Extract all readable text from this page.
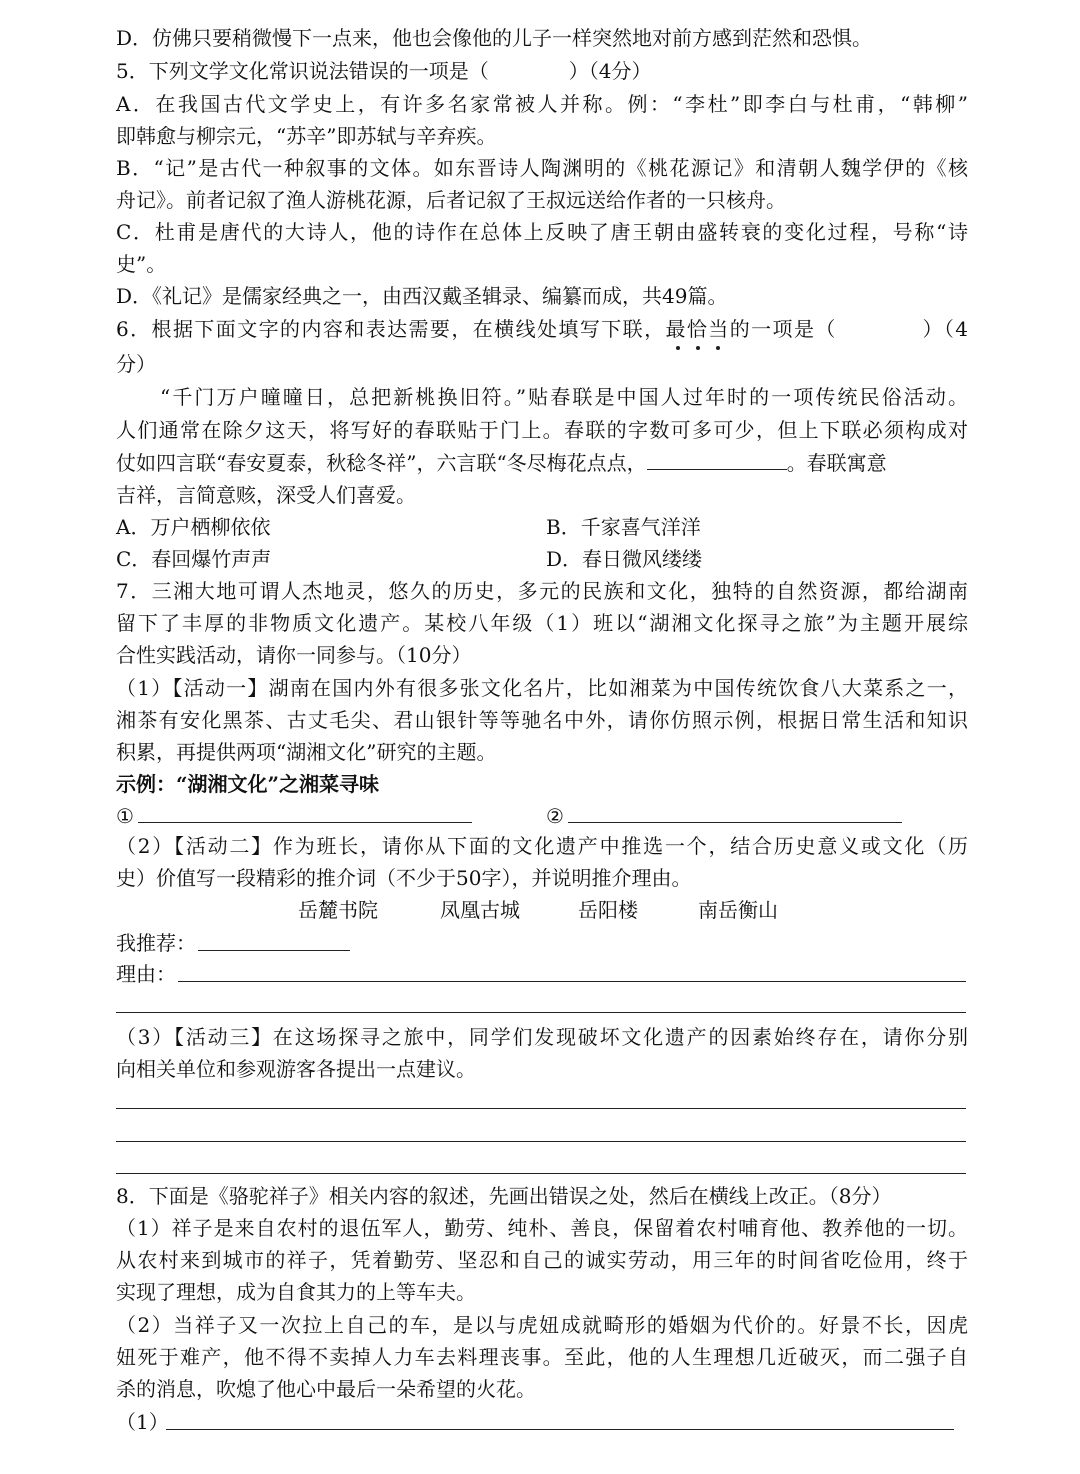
D．仿佛只要稍微慢下一点来，他也会像他的儿子一样突然地对前方感到茫然和恐惧。
5．下列文学文化常识说法错误的一项是（　　　　）（4分）
A．在我国古代文学史上，有许多名家常被人并称。例：“李杜”即李白与杜甫，“韩柳”
即韩愈与柳宗元，“苏辛”即苏轼与辛弃疾。
B．“记”是古代一种叙事的文体。如东晋诗人陶渊明的《桃花源记》和清朝人魏学伊的《核
舟记》。前者记叙了渔人游桃花源，后者记叙了王叔远送给作者的一只核舟。
C．杜甫是唐代的大诗人，他的诗作在总体上反映了唐王朝由盛转衰的变化过程，号称“诗
史”。
D．《礼记》是儒家经典之一，由西汉戴圣辑录、编纂而成，共49篇。
6．根据下面文字的内容和表达需要，在横线处填写下联，最恰当的一项是（　　　　）（4
分）
“千门万户曈曈日，总把新桃换旧符。”贴春联是中国人过年时的一项传统民俗活动。
人们通常在除夕这天，将写好的春联贴于门上。春联的字数可多可少，但上下联必须构成对
仗如四言联“春安夏泰，秋稔冬祥”，六言联“冬尽梅花点点，	。春联寓意
吉祥，言简意赅，深受人们喜爱。
A．万户栖柳依依	B．千家喜气洋洋
C．春回爆竹声声	D．春日微风缕缕
7．三湘大地可谓人杰地灵，悠久的历史，多元的民族和文化，独特的自然资源，都给湖南
留下了丰厚的非物质文化遗产。某校八年级（1）班以“湖湘文化探寻之旅”为主题开展综
合性实践活动，请你一同参与。（10分）
（1）【活动一】湖南在国内外有很多张文化名片，比如湘菜为中国传统饮食八大菜系之一，
湘茶有安化黑茶、古丈毛尖、君山银针等等驰名中外，请你仿照示例，根据日常生活和知识
积累，再提供两项“湖湘文化”研究的主题。
示例：“湖湘文化”之湘菜寻味
①	②
（2）【活动二】作为班长，请你从下面的文化遗产中推选一个，结合历史意义或文化（历
史）价值写一段精彩的推介词（不少于50字），并说明推介理由。
岳麓书院	凤凰古城	岳阳楼	南岳衡山
我推荐：
理由：
（3）【活动三】在这场探寻之旅中，同学们发现破坏文化遗产的因素始终存在，请你分别
向相关单位和参观游客各提出一点建议。
8．下面是《骆驼祥子》相关内容的叙述，先画出错误之处，然后在横线上改正。（8分）
（1）祥子是来自农村的退伍军人，勤劳、纯朴、善良，保留着农村哺育他、教养他的一切。
从农村来到城市的祥子，凭着勤劳、坚忍和自己的诚实劳动，用三年的时间省吃俭用，终于
实现了理想，成为自食其力的上等车夫。
（2）当祥子又一次拉上自己的车，是以与虎妞成就畸形的婚姻为代价的。好景不长，因虎
妞死于难产，他不得不卖掉人力车去料理丧事。至此，他的人生理想几近破灭，而二强子自
杀的消息，吹熄了他心中最后一朵希望的火花。
（1）
